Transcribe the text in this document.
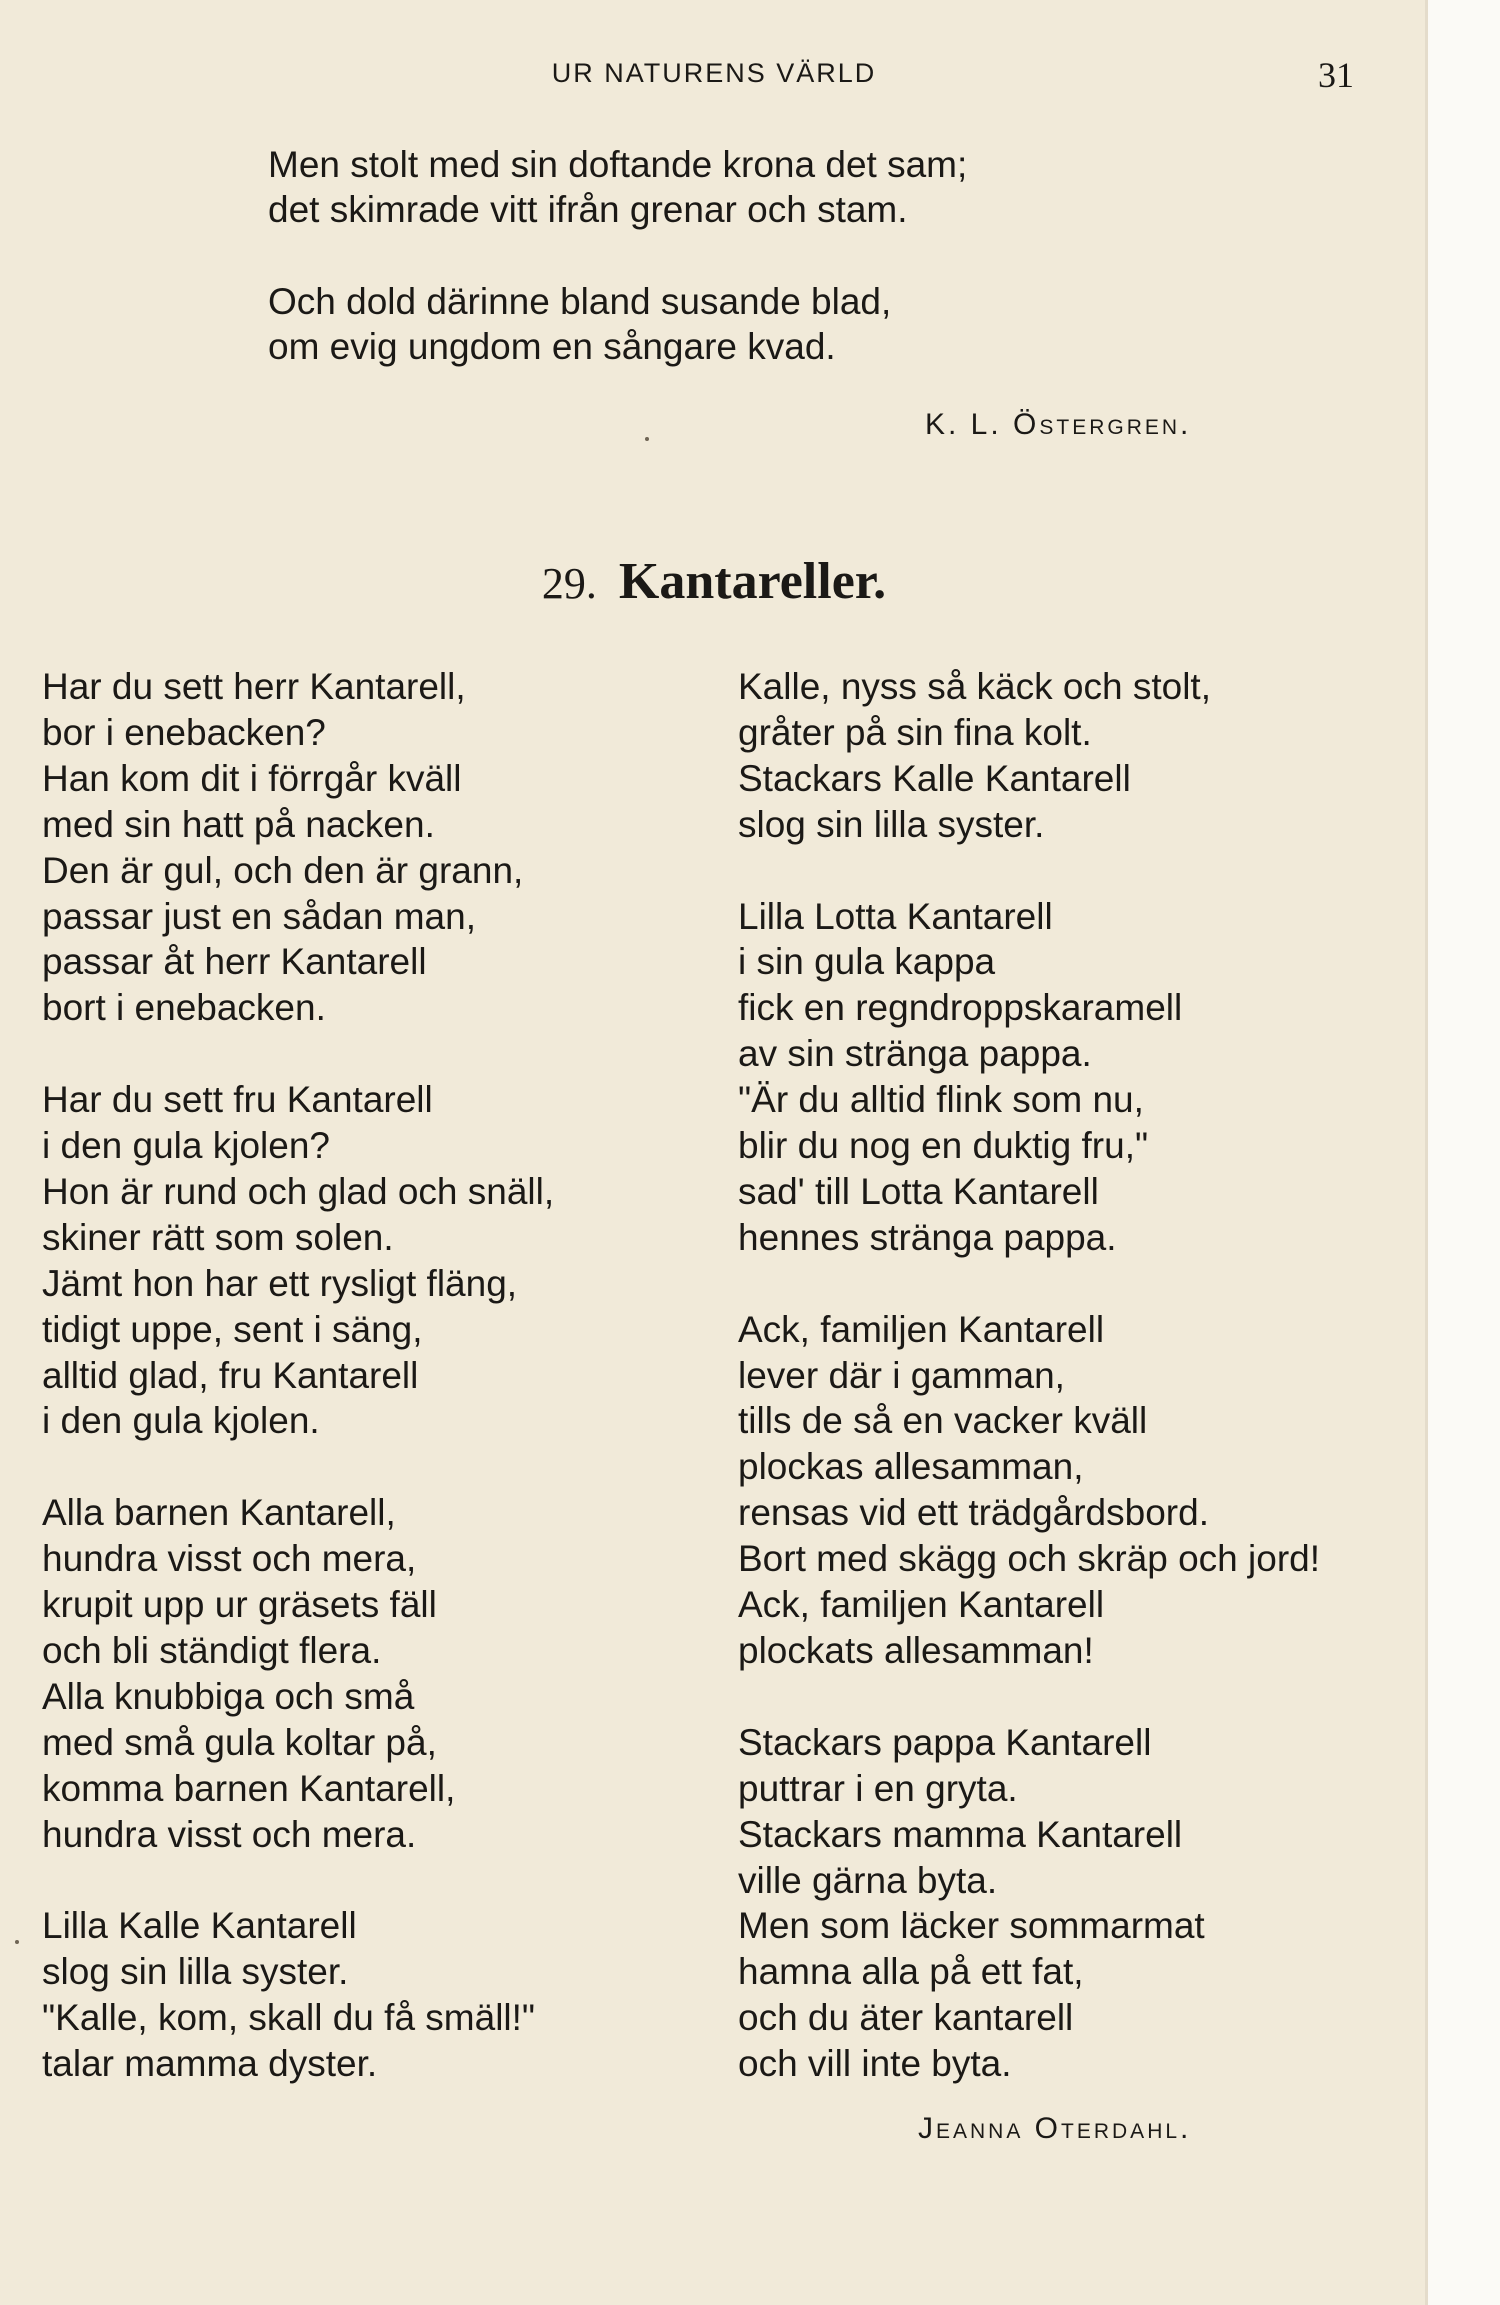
UR NATURENS VÄRLD	31
Men stolt med sin doftande krona det sam;
det skimrade vitt ifrån grenar och stam.
Och dold därinne bland susande blad,
om evig ungdom en sångare kvad.
K. L. Östergren.
29. Kantareller.
Har du sett herr Kantarell,
bor i enebacken?
Han kom dit i förrgår kväll
med sin hatt på nacken.
Den är gul, och den är grann,
passar just en sådan man,
passar åt herr Kantarell
bort i enebacken.
Har du sett fru Kantarell
i den gula kjolen?
Hon är rund och glad och snäll,
skiner rätt som solen.
Jämt hon har ett rysligt fläng,
tidigt uppe, sent i säng,
alltid glad, fru Kantarell
i den gula kjolen.
Alla barnen Kantarell,
hundra visst och mera,
krupit upp ur gräsets fäll
och bli ständigt flera.
Alla knubbiga och små
med små gula koltar på,
komma barnen Kantarell,
hundra visst och mera.
Lilla Kalle Kantarell
slog sin lilla syster.
"Kalle, kom, skall du få smäll!"
talar mamma dyster.
Kalle, nyss så käck och stolt,
gråter på sin fina kolt.
Stackars Kalle Kantarell
slog sin lilla syster.
Lilla Lotta Kantarell
i sin gula kappa
fick en regndroppskaramell
av sin stränga pappa.
"Är du alltid flink som nu,
blir du nog en duktig fru,"
sad' till Lotta Kantarell
hennes stränga pappa.
Ack, familjen Kantarell
lever där i gamman,
tills de så en vacker kväll
plockas allesamman,
rensas vid ett trädgårdsbord.
Bort med skägg och skräp och jord!
Ack, familjen Kantarell
plockats allesamman!
Stackars pappa Kantarell
puttrar i en gryta.
Stackars mamma Kantarell
ville gärna byta.
Men som läcker sommarmat
hamna alla på ett fat,
och du äter kantarell
och vill inte byta.
Jeanna Oterdahl.
